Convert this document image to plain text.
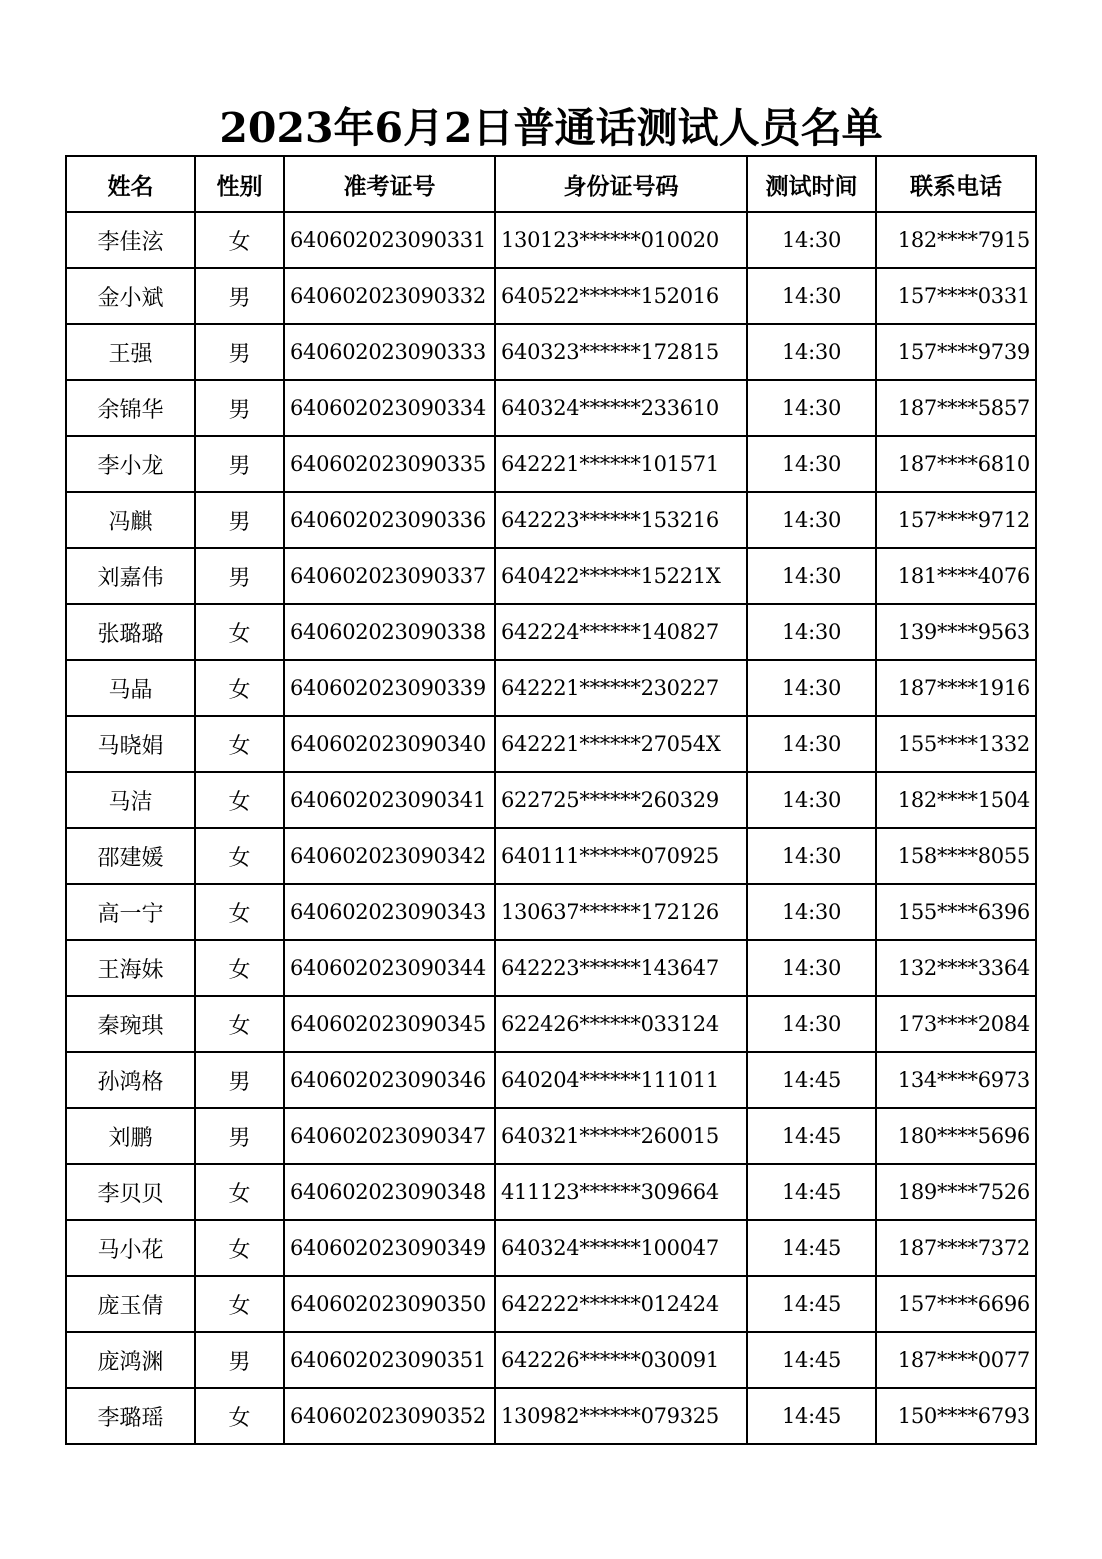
2023年6月2日普通话测试人员名单
姓名	性别	准考证号	身份证号码	测试时间	联系电话
李佳泫	女	640602023090331	130123******010020	14:30	182****7915
金小斌	男	640602023090332	640522******152016	14:30	157****0331
王强	男	640602023090333	640323******172815	14:30	157****9739
余锦华	男	640602023090334	640324******233610	14:30	187****5857
李小龙	男	640602023090335	642221******101571	14:30	187****6810
冯麒	男	640602023090336	642223******153216	14:30	157****9712
刘嘉伟	男	640602023090337	640422******15221X	14:30	181****4076
张璐璐	女	640602023090338	642224******140827	14:30	139****9563
马晶	女	640602023090339	642221******230227	14:30	187****1916
马晓娟	女	640602023090340	642221******27054X	14:30	155****1332
马洁	女	640602023090341	622725******260329	14:30	182****1504
邵建媛	女	640602023090342	640111******070925	14:30	158****8055
高一宁	女	640602023090343	130637******172126	14:30	155****6396
王海妹	女	640602023090344	642223******143647	14:30	132****3364
秦琬琪	女	640602023090345	622426******033124	14:30	173****2084
孙鸿格	男	640602023090346	640204******111011	14:45	134****6973
刘鹏	男	640602023090347	640321******260015	14:45	180****5696
李贝贝	女	640602023090348	411123******309664	14:45	189****7526
马小花	女	640602023090349	640324******100047	14:45	187****7372
庞玉倩	女	640602023090350	642222******012424	14:45	157****6696
庞鸿渊	男	640602023090351	642226******030091	14:45	187****0077
李璐瑶	女	640602023090352	130982******079325	14:45	150****6793
